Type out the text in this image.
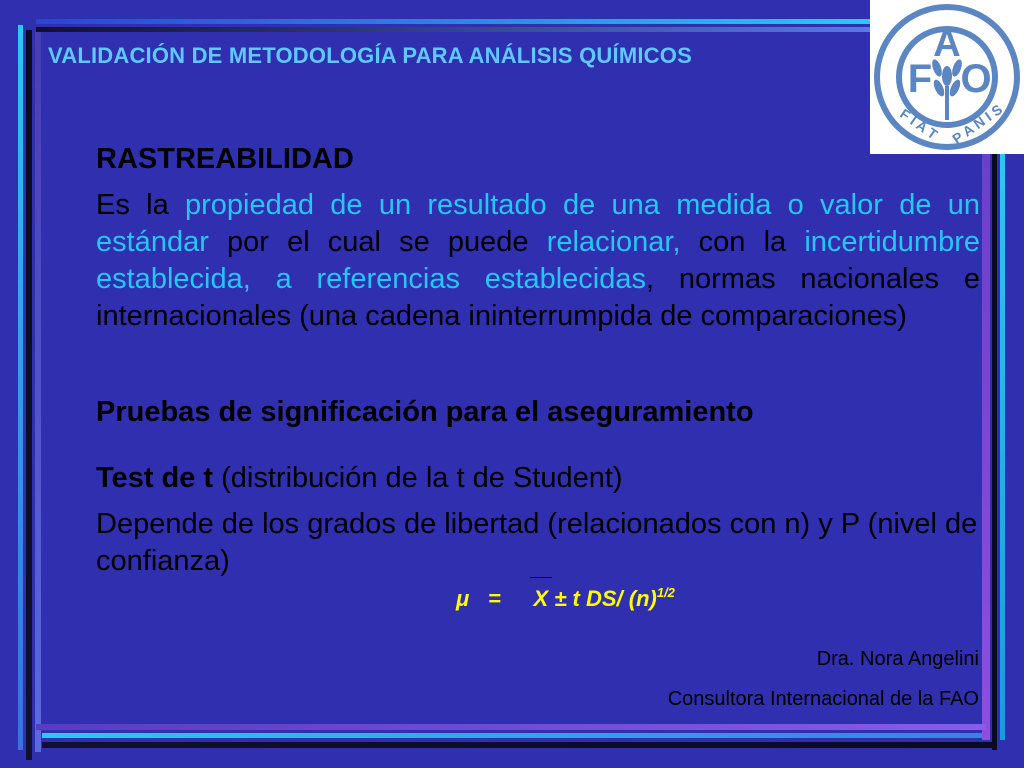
VALIDACIÓN DE METODOLOGÍA PARA ANÁLISIS QUÍMICOS
F
A
O
F I A T P A N I S
RASTREABILIDAD
Es la propiedad de un resultado de una medida o valor de un estándar por el cual se puede relacionar, con la incertidumbre establecida, a referencias establecidas, normas nacionales e internacionales (una cadena ininterrumpida de comparaciones)
Pruebas de significación para el aseguramiento
Test de t (distribución de la t de Student)
Depende de los grados de libertad (relacionados con n) y P (nivel de confianza)
μ = X ± t DS/ $(n)^{1/2}$
Dra. Nora Angelini
Consultora Internacional de la FAO
